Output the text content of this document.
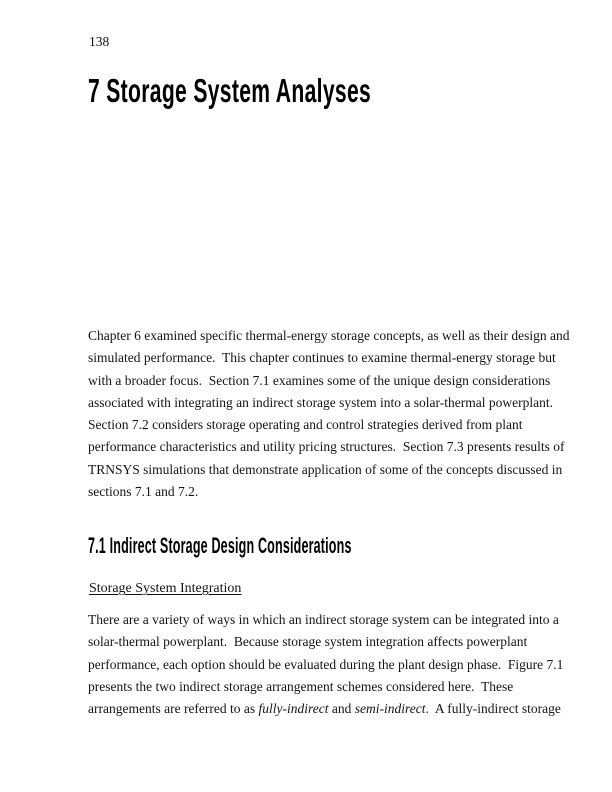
138
7 Storage System Analyses
Chapter 6 examined specific thermal-energy storage concepts, as well as their design and
simulated performance.  This chapter continues to examine thermal-energy storage but
with a broader focus.  Section 7.1 examines some of the unique design considerations
associated with integrating an indirect storage system into a solar-thermal powerplant.
Section 7.2 considers storage operating and control strategies derived from plant
performance characteristics and utility pricing structures.  Section 7.3 presents results of
TRNSYS simulations that demonstrate application of some of the concepts discussed in
sections 7.1 and 7.2.
7.1 Indirect Storage Design Considerations
Storage System Integration
There are a variety of ways in which an indirect storage system can be integrated into a
solar-thermal powerplant.  Because storage system integration affects powerplant
performance, each option should be evaluated during the plant design phase.  Figure 7.1
presents the two indirect storage arrangement schemes considered here.  These
arrangements are referred to as fully-indirect and semi-indirect.  A fully-indirect storage
